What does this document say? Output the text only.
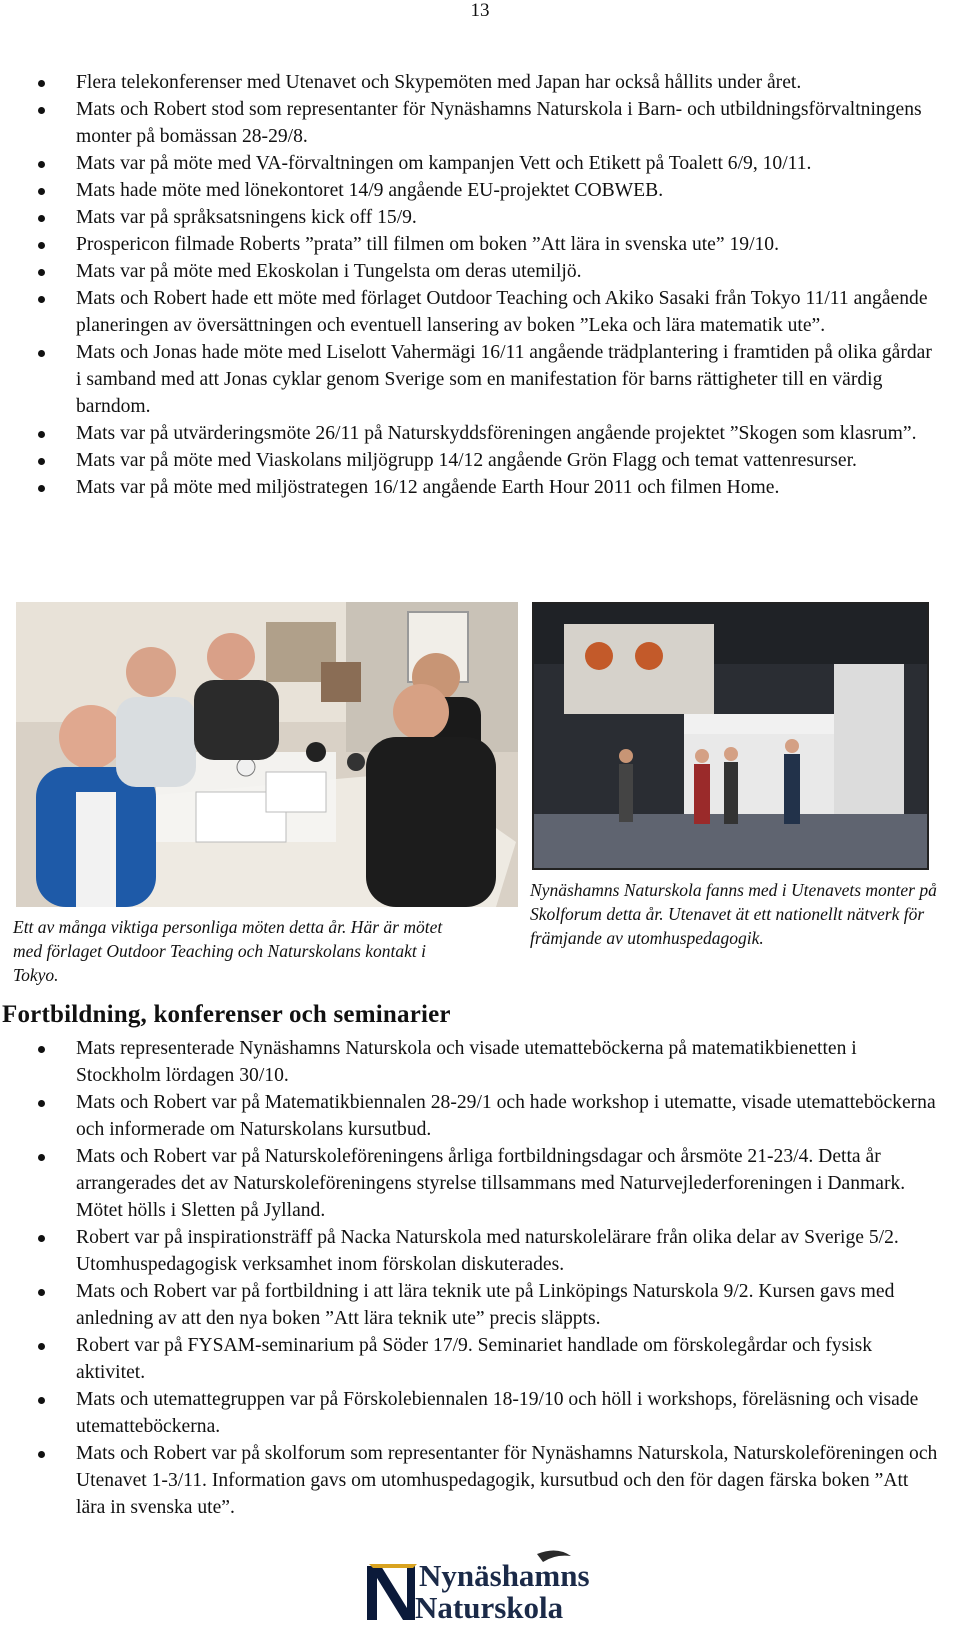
13
Flera telekonferenser med Utenavet och Skypemöten med Japan har också hållits under året.
Mats och Robert stod som representanter för Nynäshamns Naturskola i Barn- och utbildningsförvaltningens monter på bomässan 28-29/8.
Mats var på möte med VA-förvaltningen om kampanjen Vett och Etikett på Toalett 6/9, 10/11.
Mats hade möte med lönekontoret 14/9 angående EU-projektet COBWEB.
Mats var på språksatsningens kick off 15/9.
Prospericon filmade Roberts ”prata” till filmen om boken ”Att lära in svenska ute” 19/10.
Mats var på möte med Ekoskolan i Tungelsta om deras utemiljö.
Mats och Robert hade ett möte med förlaget Outdoor Teaching och Akiko Sasaki från Tokyo 11/11 angående planeringen av översättningen och eventuell lansering av boken ”Leka och lära matematik ute”.
Mats och Jonas hade möte med Liselott Vahermägi 16/11 angående trädplantering i framtiden på olika gårdar i samband med att Jonas cyklar genom Sverige som en manifestation för barns rättigheter till en värdig barndom.
Mats var på utvärderingsmöte 26/11 på Naturskyddsföreningen angående projektet ”Skogen som klasrum”.
Mats var på möte med Viaskolans miljögrupp 14/12 angående Grön Flagg och temat vattenresurser.
Mats var på möte med miljöstrategen 16/12 angående Earth Hour 2011 och filmen Home.
Ett av många viktiga personliga möten detta år. Här är mötet med förlaget Outdoor Teaching och Naturskolans kontakt i Tokyo.
Nynäshamns Naturskola fanns med i Utenavets monter på Skolforum detta år. Utenavet ät ett nationellt nätverk för främjande av utomhuspedagogik.
Fortbildning, konferenser och seminarier
Mats representerade Nynäshamns Naturskola och visade utematteböckerna på matematikbienetten i Stockholm lördagen 30/10.
Mats och Robert var på Matematikbiennalen 28-29/1 och hade workshop i utematte, visade utematteböckerna och informerade om Naturskolans kursutbud.
Mats och Robert var på Naturskoleföreningens årliga fortbildningsdagar och årsmöte 21-23/4. Detta år arrangerades det av Naturskoleföreningens styrelse tillsammans med Naturvejlederforeningen i Danmark. Mötet hölls i Sletten på Jylland.
Robert var på inspirationsträff på Nacka Naturskola med naturskolelärare från olika delar av Sverige 5/2. Utomhuspedagogisk verksamhet inom förskolan diskuterades.
Mats och Robert var på fortbildning i att lära teknik ute på Linköpings Naturskola 9/2. Kursen gavs med anledning av att den nya boken ”Att lära teknik ute” precis släppts.
Robert var på FYSAM-seminarium på Söder 17/9. Seminariet handlade om förskolegårdar och fysisk aktivitet.
Mats och utemattegruppen var på Förskolebiennalen 18-19/10 och höll i workshops, föreläsning och visade utematteböckerna.
Mats och Robert var på skolforum som representanter för Nynäshamns Naturskola, Naturskoleföreningen och Utenavet 1-3/11. Information gavs om utomhuspedagogik, kursutbud och den för dagen färska boken ”Att lära in svenska ute”.
Nynäshamns
Naturskola
